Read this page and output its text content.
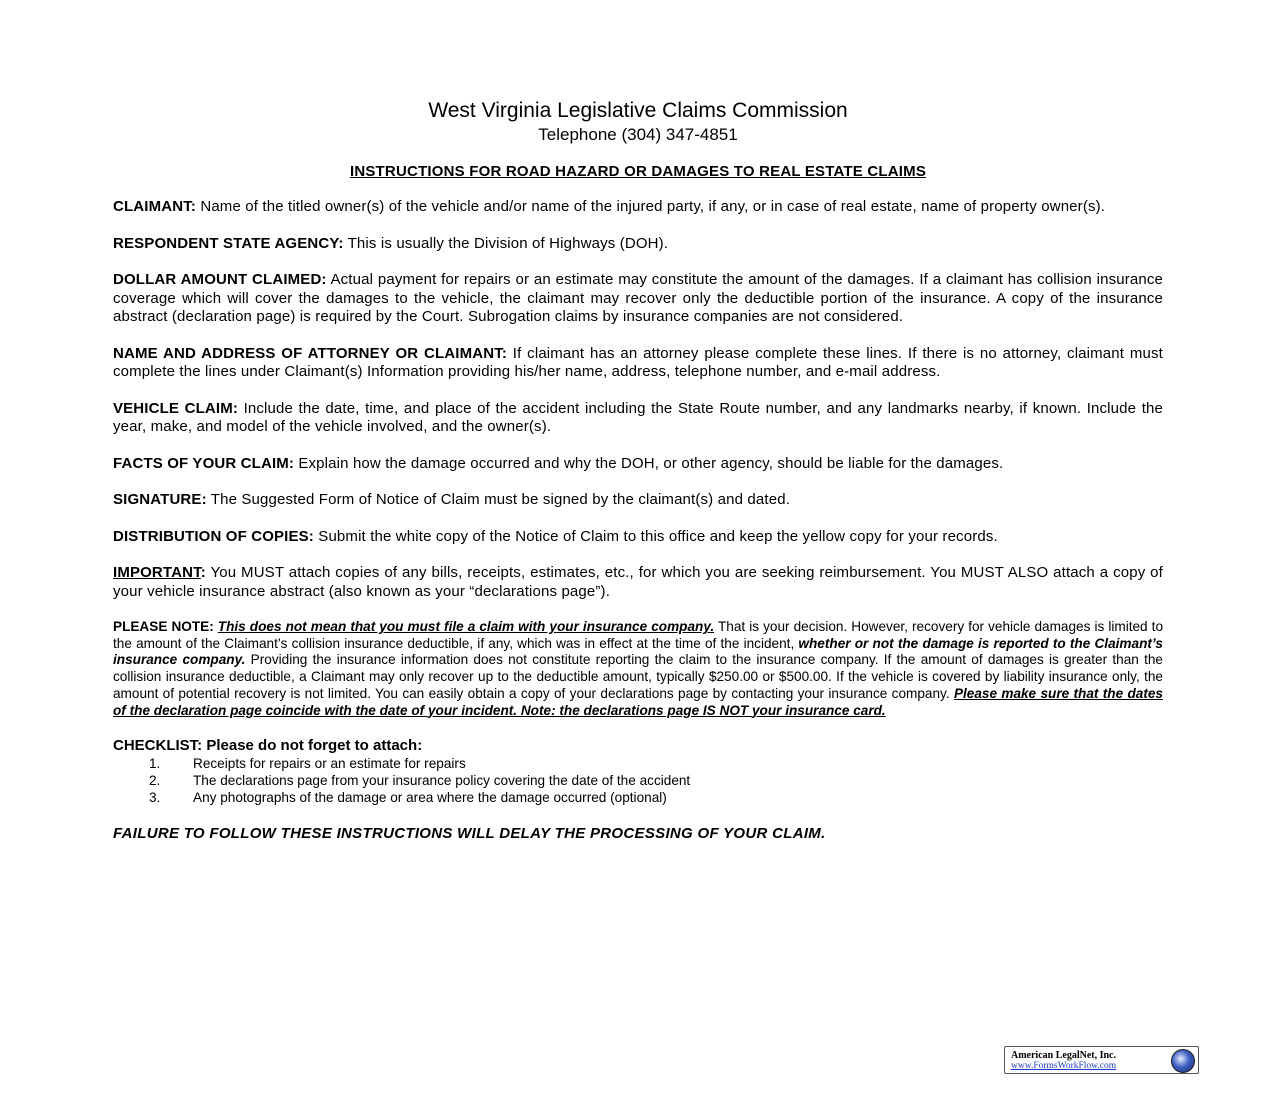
West Virginia Legislative Claims Commission
Telephone (304) 347-4851
INSTRUCTIONS FOR ROAD HAZARD OR DAMAGES TO REAL ESTATE CLAIMS

CLAIMANT: Name of the titled owner(s) of the vehicle and/or name of the injured party, if any, or in case of real estate, name of property owner(s).

RESPONDENT STATE AGENCY: This is usually the Division of Highways (DOH).

DOLLAR AMOUNT CLAIMED: Actual payment for repairs or an estimate may constitute the amount of the damages. If a claimant has collision insurance coverage which will cover the damages to the vehicle, the claimant may recover only the deductible portion of the insurance. A copy of the insurance abstract (declaration page) is required by the Court. Subrogation claims by insurance companies are not considered.

NAME AND ADDRESS OF ATTORNEY OR CLAIMANT: If claimant has an attorney please complete these lines. If there is no attorney, claimant must complete the lines under Claimant(s) Information providing his/her name, address, telephone number, and e-mail address.

VEHICLE CLAIM: Include the date, time, and place of the accident including the State Route number, and any landmarks nearby, if known. Include the year, make, and model of the vehicle involved, and the owner(s).

FACTS OF YOUR CLAIM: Explain how the damage occurred and why the DOH, or other agency, should be liable for the damages.

SIGNATURE: The Suggested Form of Notice of Claim must be signed by the claimant(s) and dated.

DISTRIBUTION OF COPIES: Submit the white copy of the Notice of Claim to this office and keep the yellow copy for your records.

IMPORTANT: You MUST attach copies of any bills, receipts, estimates, etc., for which you are seeking reimbursement. You MUST ALSO attach a copy of your vehicle insurance abstract (also known as your “declarations page”).

PLEASE NOTE: This does not mean that you must file a claim with your insurance company. That is your decision. However, recovery for vehicle damages is limited to the amount of the Claimant’s collision insurance deductible, if any, which was in effect at the time of the incident, whether or not the damage is reported to the Claimant’s insurance company. Providing the insurance information does not constitute reporting the claim to the insurance company. If the amount of damages is greater than the collision insurance deductible, a Claimant may only recover up to the deductible amount, typically $250.00 or $500.00. If the vehicle is covered by liability insurance only, the amount of potential recovery is not limited. You can easily obtain a copy of your declarations page by contacting your insurance company. Please make sure that the dates of the declaration page coincide with the date of your incident. Note: the declarations page IS NOT your insurance card.

CHECKLIST: Please do not forget to attach:

1.	Receipts for repairs or an estimate for repairs
2.	The declarations page from your insurance policy covering the date of the accident
3.	Any photographs of the damage or area where the damage occurred (optional)

FAILURE TO FOLLOW THESE INSTRUCTIONS WILL DELAY THE PROCESSING OF YOUR CLAIM.

American LegalNet, Inc.
www.FormsWorkFlow.com
